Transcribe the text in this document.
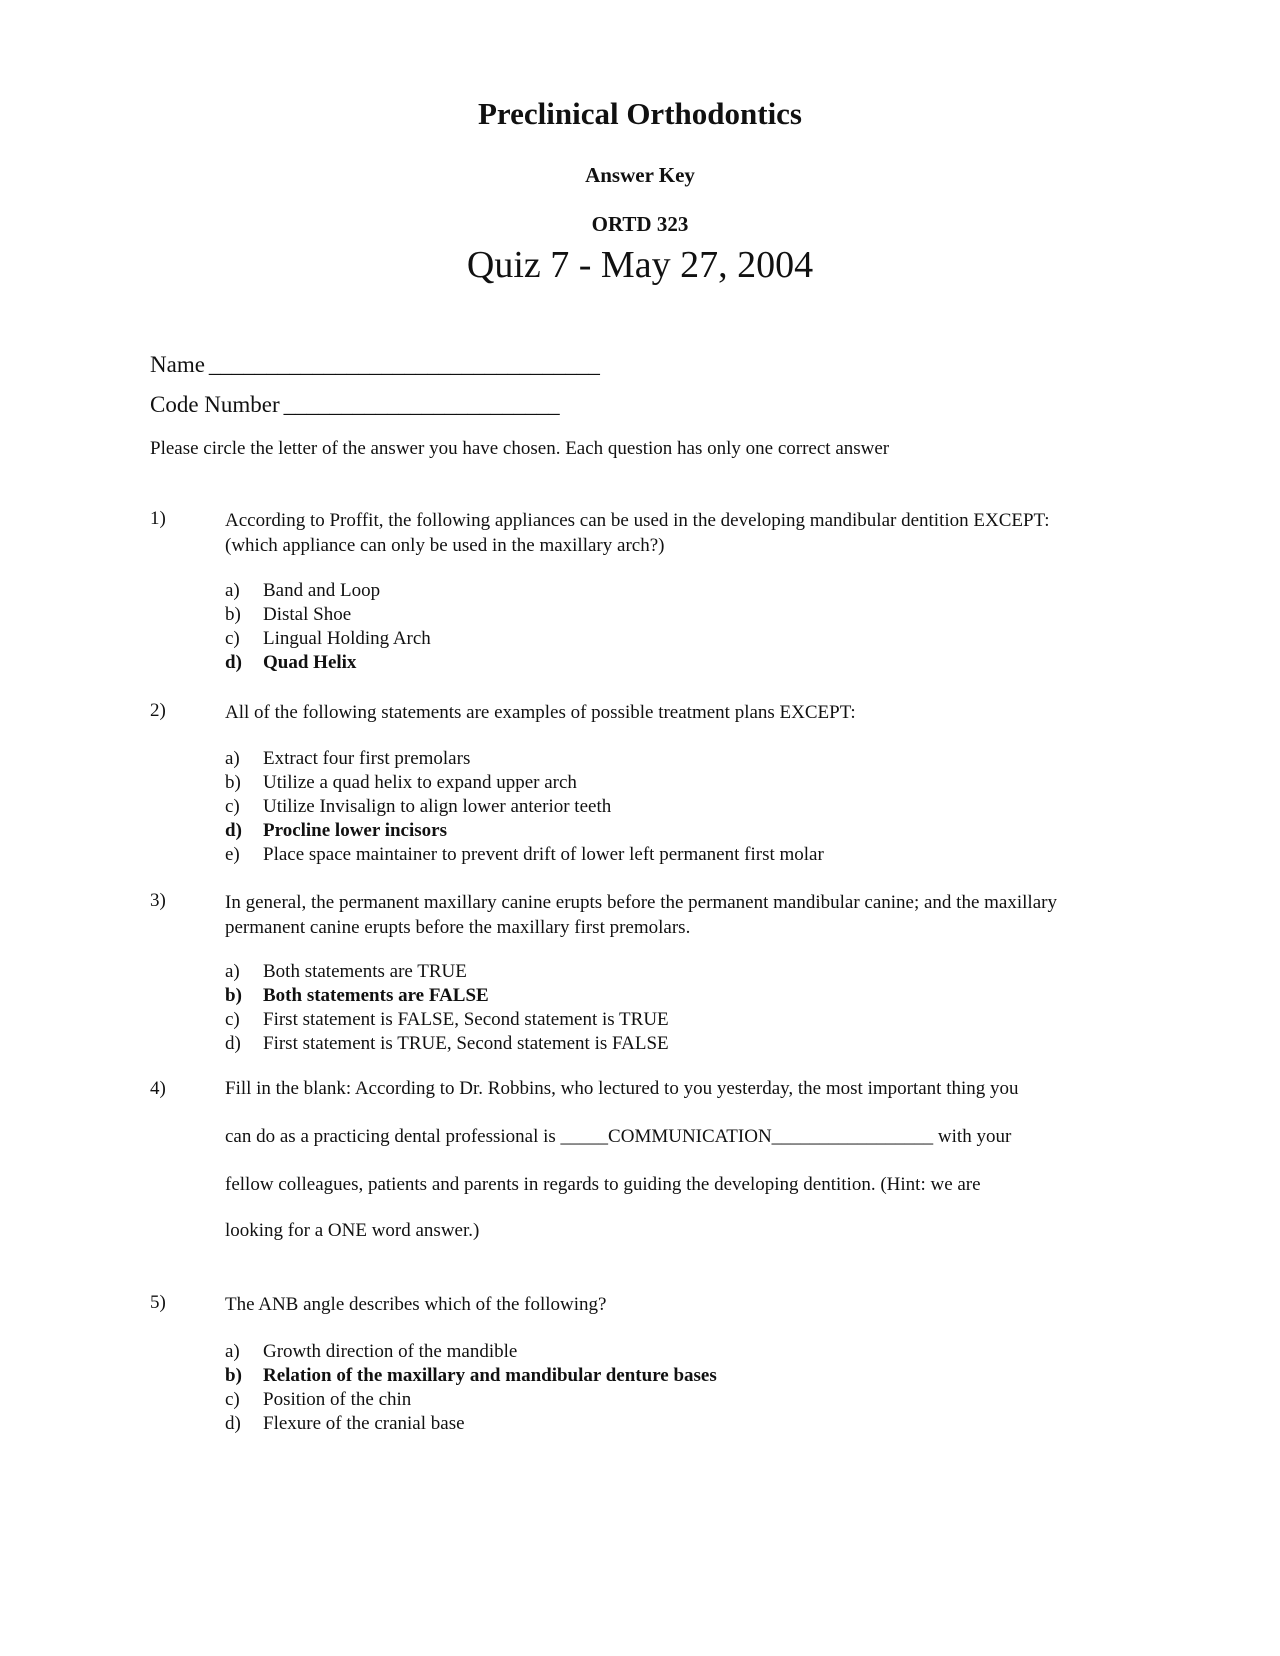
Preclinical Orthodontics
Answer Key
ORTD 323
Quiz 7 - May 27, 2004
Name __________________________________
Code Number ________________________
Please circle the letter of the answer you have chosen. Each question has only one correct answer
1)	According to Proffit, the following appliances can be used in the developing mandibular dentition EXCEPT: (which appliance can only be used in the maxillary arch?)
a) Band and Loop
b) Distal Shoe
c) Lingual Holding Arch
d) Quad Helix
2)	All of the following statements are examples of possible treatment plans EXCEPT:
a) Extract four first premolars
b) Utilize a quad helix to expand upper arch
c) Utilize Invisalign to align lower anterior teeth
d) Procline lower incisors
e) Place space maintainer to prevent drift of lower left permanent first molar
3)	In general, the permanent maxillary canine erupts before the permanent mandibular canine; and the maxillary permanent canine erupts before the maxillary first premolars.
a) Both statements are TRUE
b) Both statements are FALSE
c) First statement is FALSE, Second statement is TRUE
d) First statement is TRUE, Second statement is FALSE
4)	Fill in the blank: According to Dr. Robbins, who lectured to you yesterday, the most important thing you
can do as a practicing dental professional is _____COMMUNICATION_________________ with your
fellow colleagues, patients and parents in regards to guiding the developing dentition. (Hint: we are
looking for a ONE word answer.)
5)	The ANB angle describes which of the following?
a) Growth direction of the mandible
b) Relation of the maxillary and mandibular denture bases
c) Position of the chin
d) Flexure of the cranial base
